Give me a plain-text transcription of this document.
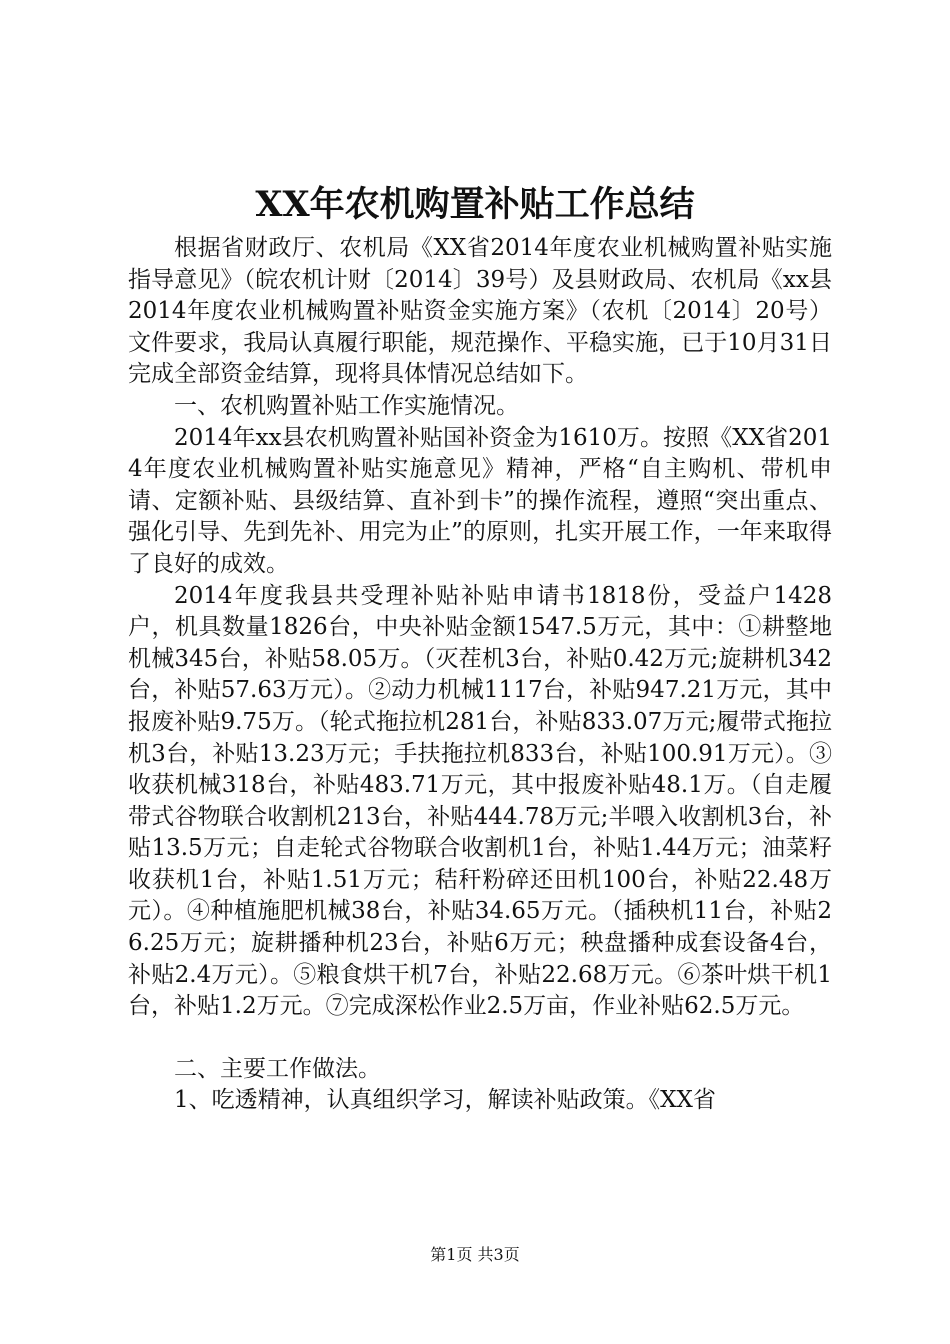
XX年农机购置补贴工作总结

根据省财政厅、农机局《XX省2014年度农业机械购置补贴实施指导意见》（皖农机计财〔2014〕39号）及县财政局、农机局《xx县2014年度农业机械购置补贴资金实施方案》（农机〔2014〕20号）文件要求，我局认真履行职能，规范操作、平稳实施，已于10月31日完成全部资金结算，现将具体情况总结如下。

一、农机购置补贴工作实施情况。

2014年xx县农机购置补贴国补资金为1610万。按照《XX省2014年度农业机械购置补贴实施意见》精神，严格“自主购机、带机申请、定额补贴、县级结算、直补到卡”的操作流程，遵照“突出重点、强化引导、先到先补、用完为止”的原则，扎实开展工作，一年来取得了良好的成效。

2014年度我县共受理补贴补贴申请书1818份，受益户1428户，机具数量1826台，中央补贴金额1547.5万元，其中：①耕整地机械345台，补贴58.05万。（灭茬机3台，补贴0.42万元;旋耕机342台，补贴57.63万元）。②动力机械1117台，补贴947.21万元，其中报废补贴9.75万。（轮式拖拉机281台，补贴833.07万元;履带式拖拉机3台，补贴13.23万元；手扶拖拉机833台，补贴100.91万元）。③收获机械318台，补贴483.71万元，其中报废补贴48.1万。（自走履带式谷物联合收割机213台，补贴444.78万元;半喂入收割机3台，补贴13.5万元；自走轮式谷物联合收割机1台，补贴1.44万元；油菜籽收获机1台，补贴1.51万元；秸秆粉碎还田机100台，补贴22.48万元）。④种植施肥机械38台，补贴34.65万元。（插秧机11台，补贴26.25万元；旋耕播种机23台，补贴6万元；秧盘播种成套设备4台，补贴2.4万元）。⑤粮食烘干机7台，补贴22.68万元。⑥茶叶烘干机1台，补贴1.2万元。⑦完成深松作业2.5万亩，作业补贴62.5万元。

二、主要工作做法。

1、吃透精神，认真组织学习，解读补贴政策。《XX省

第1页 共3页
